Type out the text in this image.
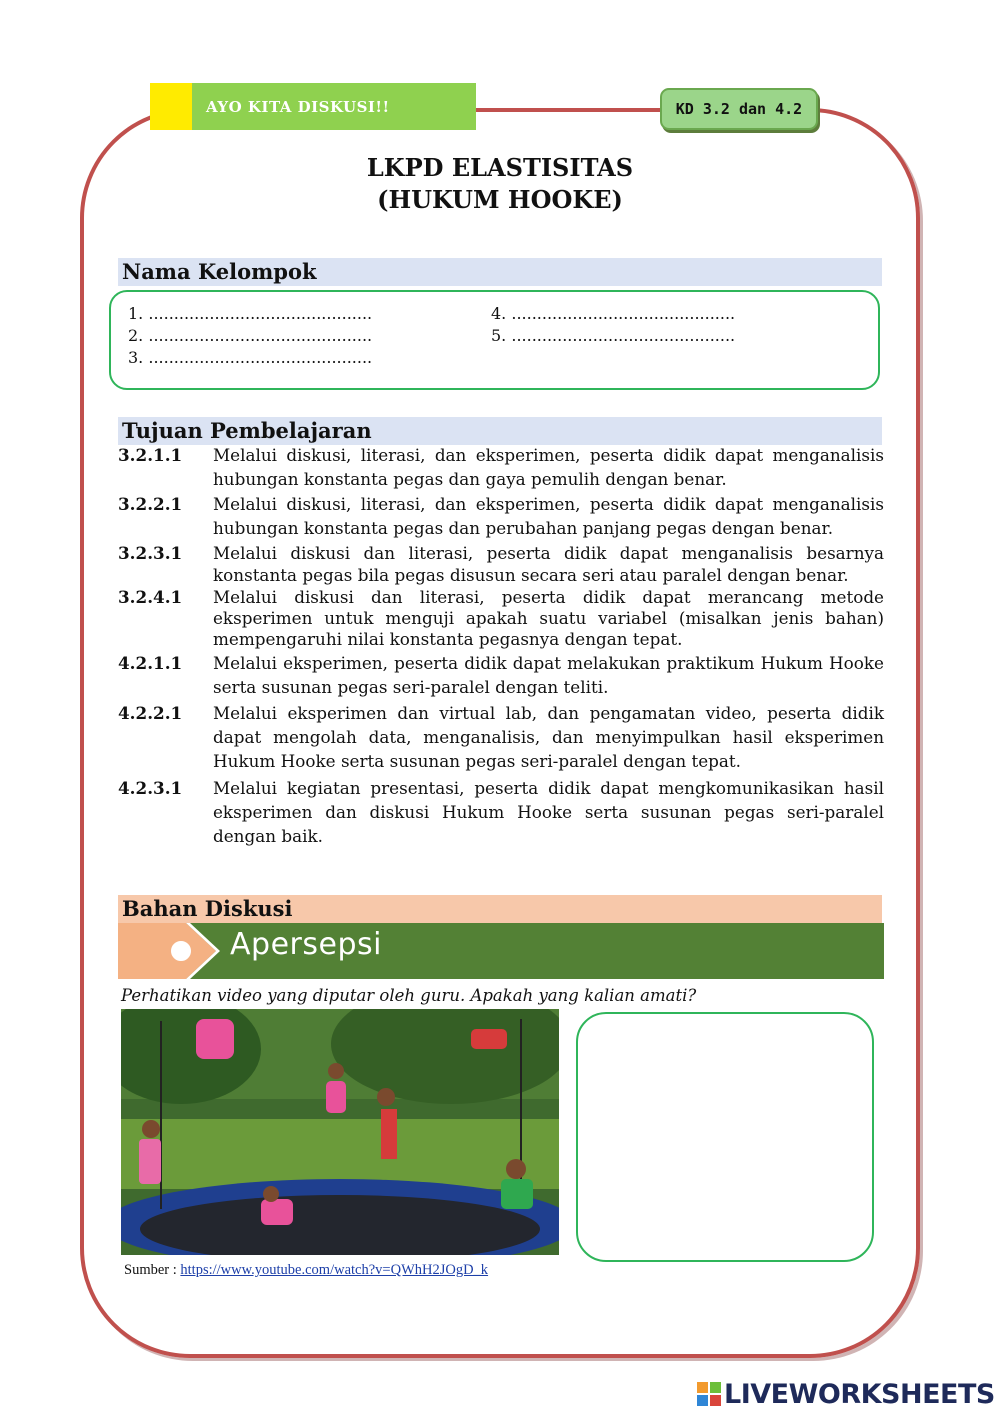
AYO KITA DISKUSI!!	KD 3.2 dan 4.2
LKPD ELASTISITAS
(HUKUM HOOKE)
Nama Kelompok
1. ............................................
2. ............................................
3. ............................................
4. ............................................
5. ............................................
Tujuan Pembelajaran
3.2.1.1	Melalui diskusi, literasi, dan eksperimen, peserta didik dapat menganalisis hubungan konstanta pegas dan gaya pemulih dengan benar.
3.2.2.1	Melalui diskusi, literasi, dan eksperimen, peserta didik dapat menganalisis hubungan konstanta pegas dan perubahan panjang pegas dengan benar.
3.2.3.1	Melalui diskusi dan literasi, peserta didik dapat menganalisis besarnya konstanta pegas bila pegas disusun secara seri atau paralel dengan benar.
3.2.4.1	Melalui diskusi dan literasi, peserta didik dapat merancang metode eksperimen untuk menguji apakah suatu variabel (misalkan jenis bahan) mempengaruhi nilai konstanta pegasnya dengan tepat.
4.2.1.1	Melalui eksperimen, peserta didik dapat melakukan praktikum Hukum Hooke serta susunan pegas seri-paralel dengan teliti.
4.2.2.1	Melalui eksperimen dan virtual lab, dan pengamatan video, peserta didik dapat mengolah data, menganalisis, dan menyimpulkan hasil eksperimen Hukum Hooke serta susunan pegas seri-paralel dengan tepat.
4.2.3.1	Melalui kegiatan presentasi, peserta didik dapat mengkomunikasikan hasil eksperimen dan diskusi Hukum Hooke serta susunan pegas seri-paralel dengan baik.
Bahan Diskusi
Apersepsi
Perhatikan video yang diputar oleh guru. Apakah yang kalian amati?
Sumber : https://www.youtube.com/watch?v=QWhH2JOgD_k
LIVEWORKSHEETS
